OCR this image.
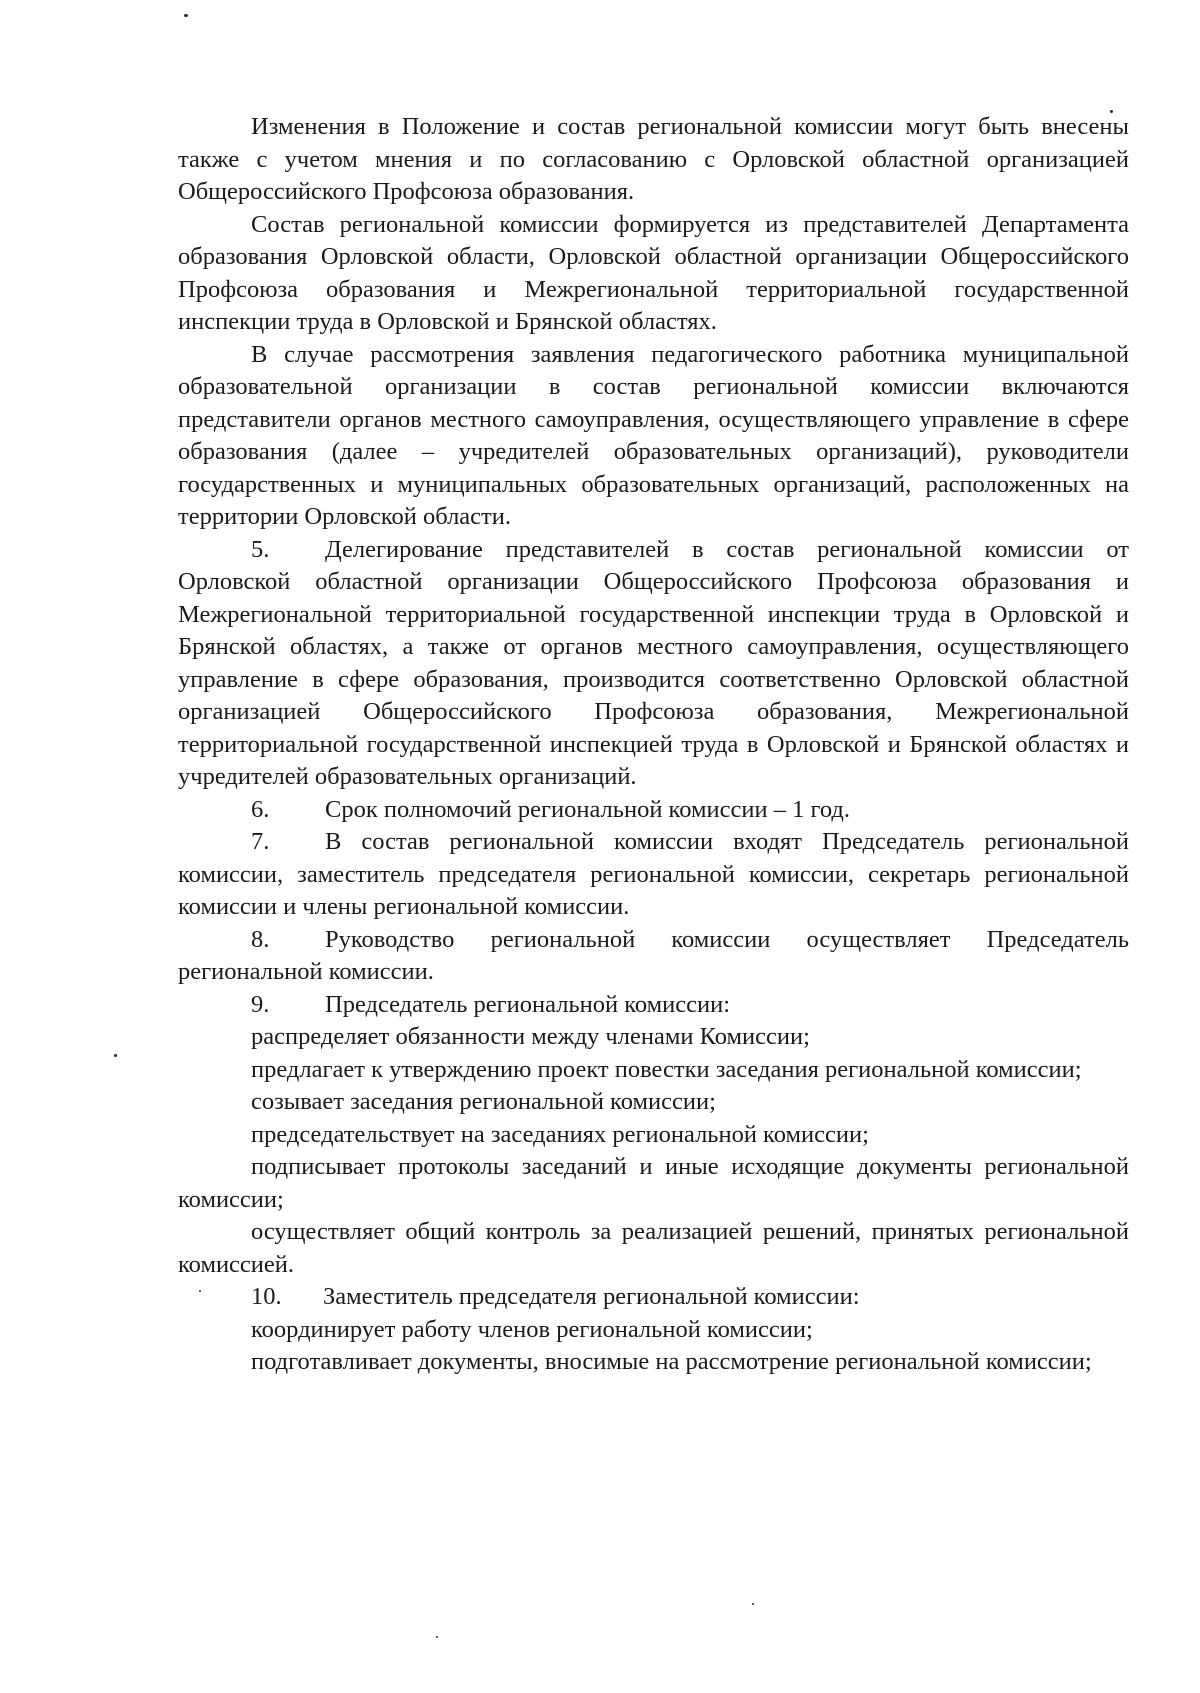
Изменения в Положение и состав региональной комиссии могут быть внесены также с учетом мнения и по согласованию с Орловской областной организацией Общероссийского Профсоюза образования.

Состав региональной комиссии формируется из представителей Департамента образования Орловской области, Орловской областной организации Общероссийского Профсоюза образования и Межрегиональной территориальной государственной инспекции труда в Орловской и Брянской областях.

В случае рассмотрения заявления педагогического работника муниципальной образовательной организации в состав региональной комиссии включаются представители органов местного самоуправления, осуществляющего управление в сфере образования (далее – учредителей образовательных организаций), руководители государственных и муниципальных образовательных организаций, расположенных на территории Орловской области.

5. Делегирование представителей в состав региональной комиссии от Орловской областной организации Общероссийского Профсоюза образования и Межрегиональной территориальной государственной инспекции труда в Орловской и Брянской областях, а также от органов местного самоуправления, осуществляющего управление в сфере образования, производится соответственно Орловской областной организацией Общероссийского Профсоюза образования, Межрегиональной территориальной государственной инспекцией труда в Орловской и Брянской областях и учредителей образовательных организаций.

6. Срок полномочий региональной комиссии – 1 год.

7. В состав региональной комиссии входят Председатель региональной комиссии, заместитель председателя региональной комиссии, секретарь региональной комиссии и члены региональной комиссии.

8. Руководство региональной комиссии осуществляет Председатель региональной комиссии.

9. Председатель региональной комиссии:

распределяет обязанности между членами Комиссии;

предлагает к утверждению проект повестки заседания региональной комиссии;

созывает заседания региональной комиссии;

председательствует на заседаниях региональной комиссии;

подписывает протоколы заседаний и иные исходящие документы региональной комиссии;

осуществляет общий контроль за реализацией решений, принятых региональной комиссией.

10. Заместитель председателя региональной комиссии:

координирует работу членов региональной комиссии;

подготавливает документы, вносимые на рассмотрение региональной комиссии;
